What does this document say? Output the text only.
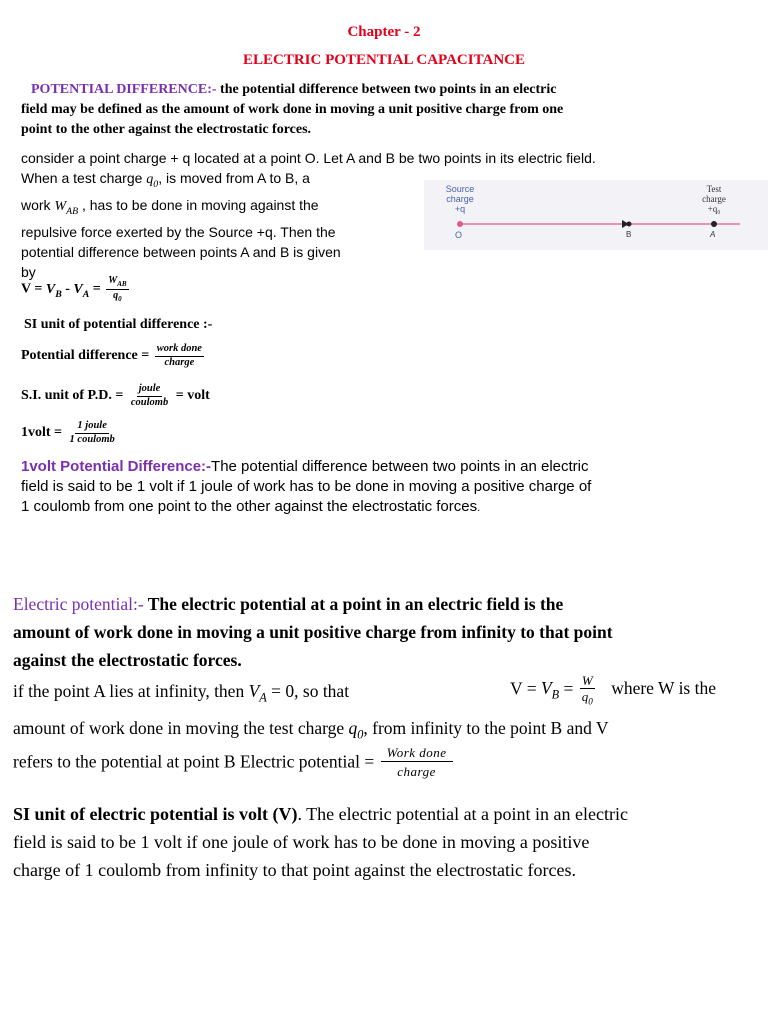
Chapter - 2
ELECTRIC POTENTIAL CAPACITANCE
POTENTIAL DIFFERENCE:- the potential difference between two points in an electric
field may be defined as the amount of work done in moving a unit positive charge from one
point to the other against the electrostatic forces.
consider a point charge + q located at a point O. Let A and B be two points in its electric field.
When a test charge $q_0$, is moved from A to B, a
work $W_{AB}$ , has to be done in moving against the
repulsive force exerted by the Source +q. Then the
potential difference between points A and B is given
by
Source
charge
+q
Test
charge
+q₀
O	B	A
$V = V_B - V_A = \frac{W_{AB}}{q_0}$
SI unit of potential difference :-
Potential difference = $\frac{\text{work done}}{\text{charge}}$
S.I. unit of P.D. = $\frac{\text{joule}}{\text{coulomb}}$ = volt
1volt = $\frac{\text{1 joule}}{\text{1 coulomb}}$
1volt Potential Difference:-The potential difference between two points in an electric
field is said to be 1 volt if 1 joule of work has to be done in moving a positive charge of
1 coulomb from one point to the other against the electrostatic forces.
Electric potential:- The electric potential at a point in an electric field is the
amount of work done in moving a unit positive charge from infinity to that point
against the electrostatic forces.
if the point A lies at infinity, then $V_A = 0$, so that	$V = V_B = \frac{W}{q_0}$ where W is the
amount of work done in moving the test charge $q_0$, from infinity to the point B and V
refers to the potential at point B Electric potential = $\frac{\text{Work done}}{\text{charge}}$
SI unit of electric potential is volt (V). The electric potential at a point in an electric
field is said to be 1 volt if one joule of work has to be done in moving a positive
charge of 1 coulomb from infinity to that point against the electrostatic forces.
